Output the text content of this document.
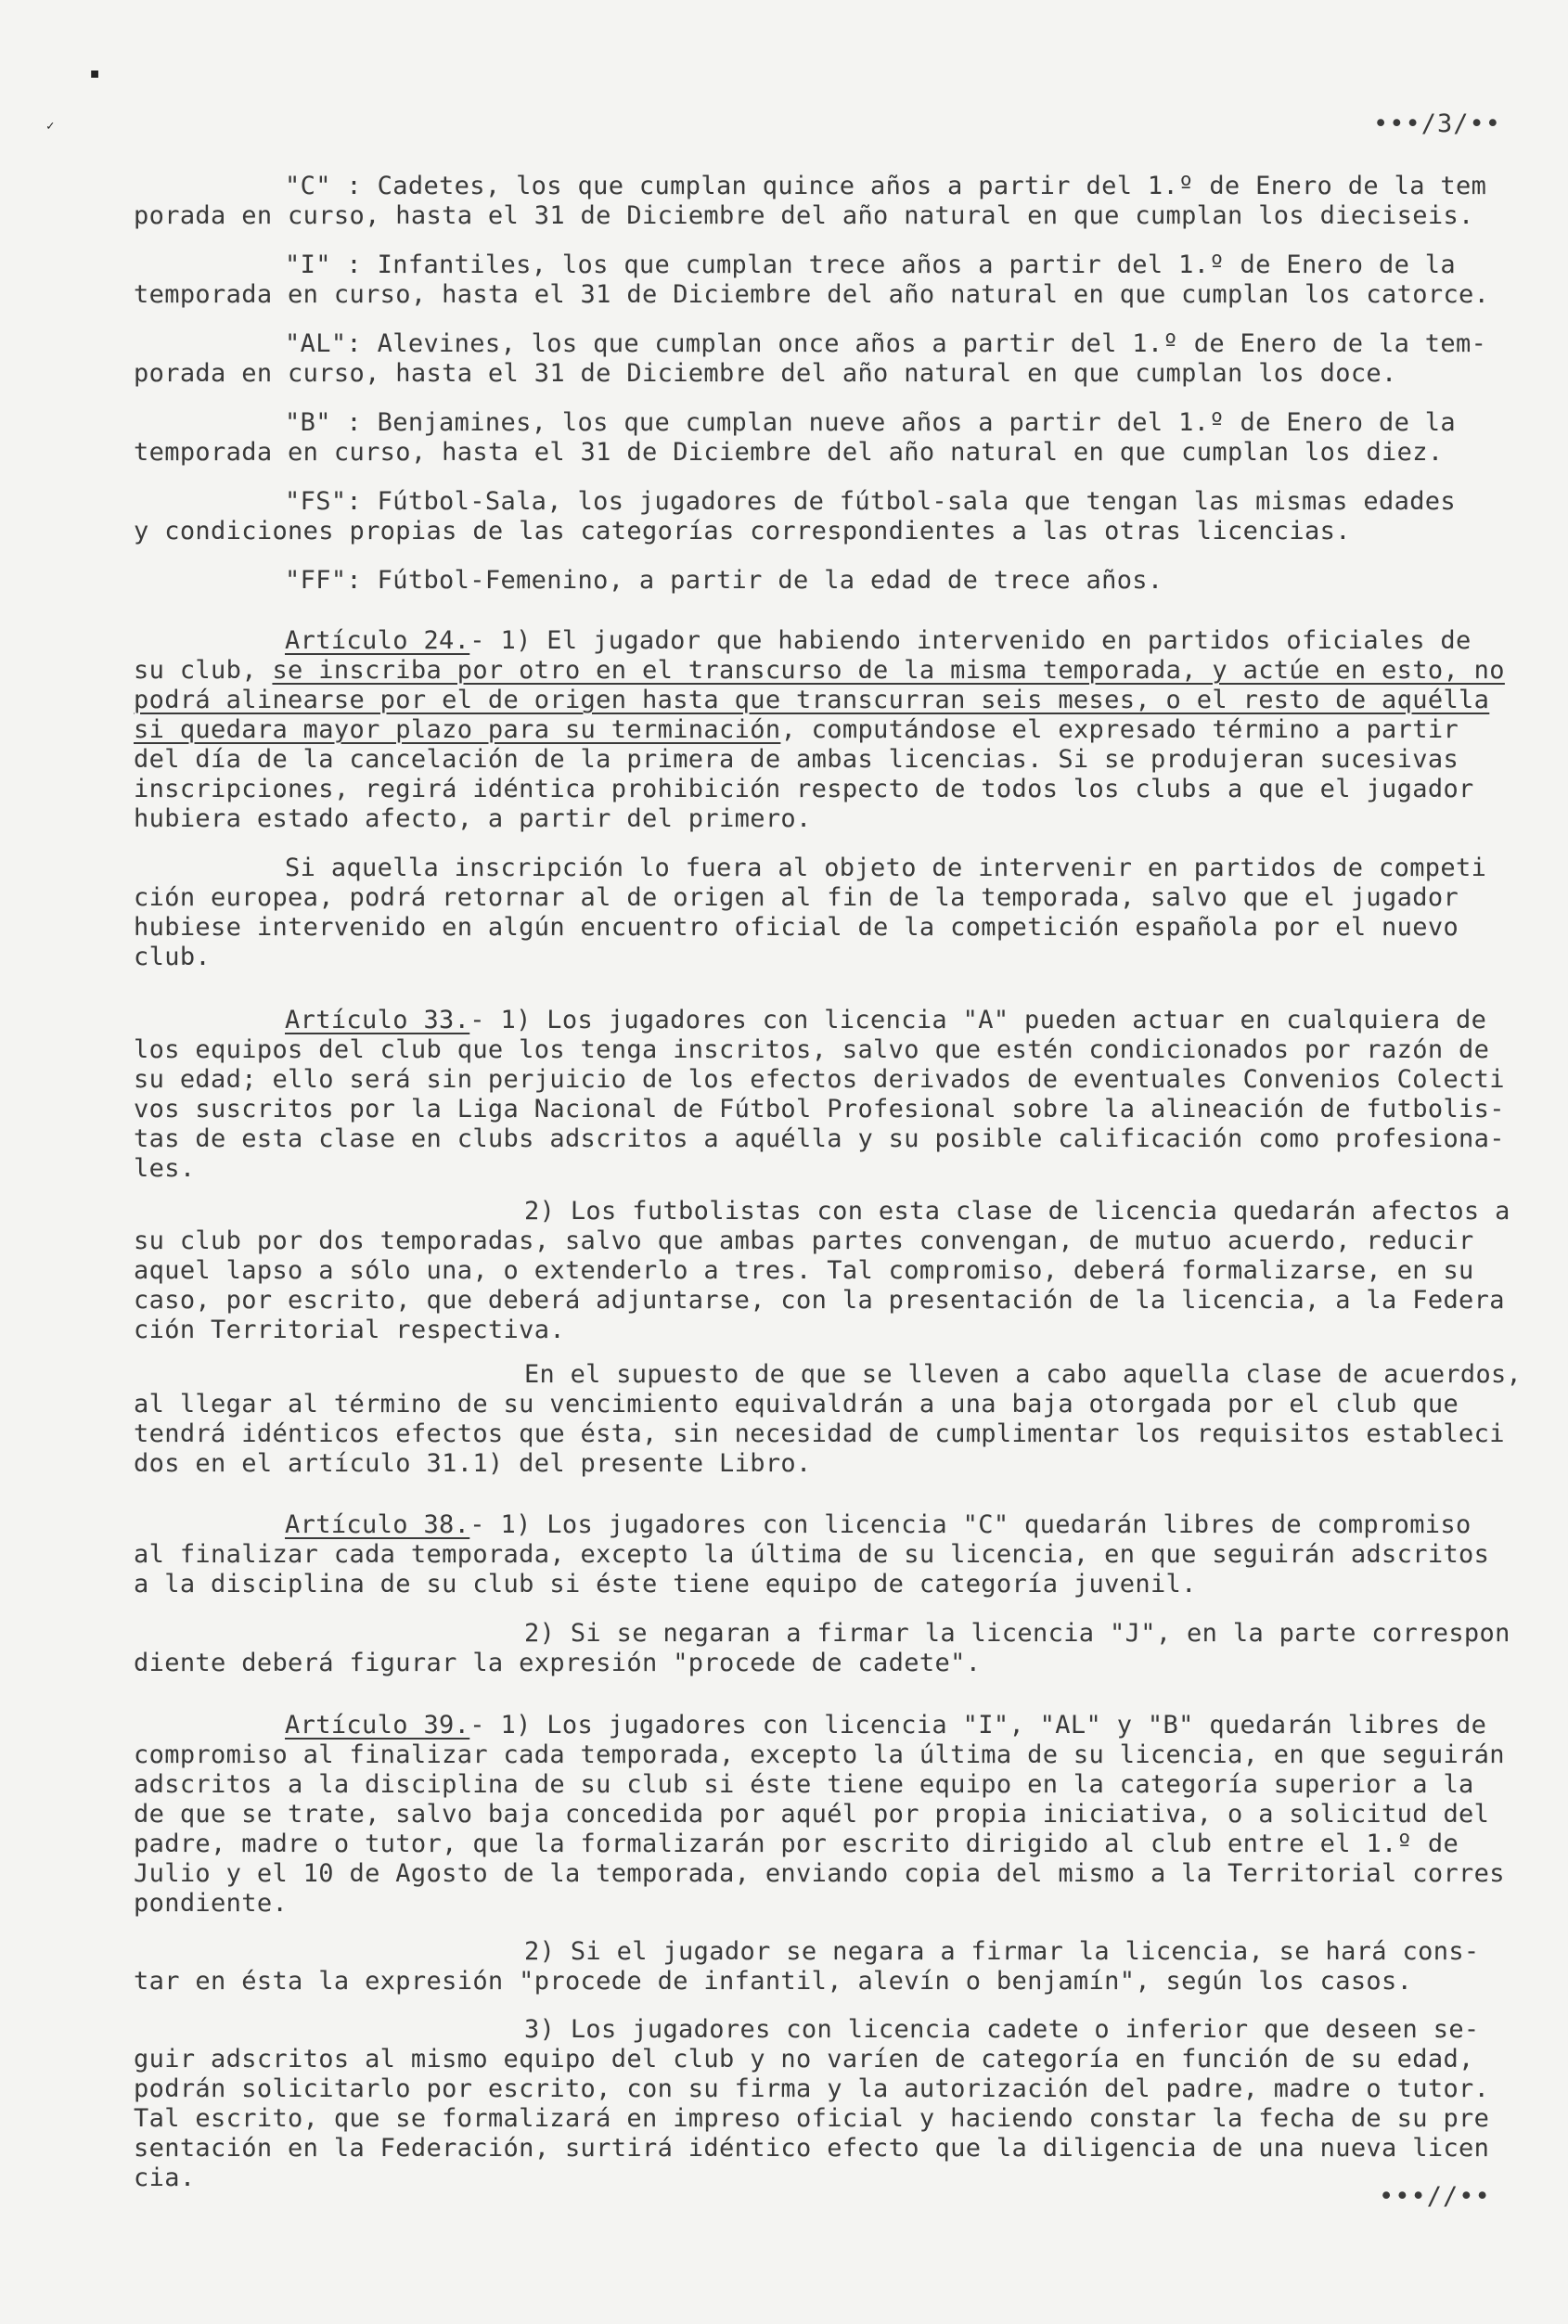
▪
✓	•••/3/••
"C" : Cadetes, los que cumplan quince años a partir del 1.º de Enero de la tem
porada en curso, hasta el 31 de Diciembre del año natural en que cumplan los dieciseis.
"I" : Infantiles, los que cumplan trece años a partir del 1.º de Enero de la
temporada en curso, hasta el 31 de Diciembre del año natural en que cumplan los catorce.
"AL": Alevines, los que cumplan once años a partir del 1.º de Enero de la tem-
porada en curso, hasta el 31 de Diciembre del año natural en que cumplan los doce.
"B" : Benjamines, los que cumplan nueve años a partir del 1.º de Enero de la
temporada en curso, hasta el 31 de Diciembre del año natural en que cumplan los diez.
"FS": Fútbol-Sala, los jugadores de fútbol-sala que tengan las mismas edades
y condiciones propias de las categorías correspondientes a las otras licencias.
"FF": Fútbol-Femenino, a partir de la edad de trece años.
Artículo 24.- 1) El jugador que habiendo intervenido en partidos oficiales de
su club, se inscriba por otro en el transcurso de la misma temporada, y actúe en esto, no
podrá alinearse por el de origen hasta que transcurran seis meses, o el resto de aquélla
si quedara mayor plazo para su terminación, computándose el expresado término a partir
del día de la cancelación de la primera de ambas licencias. Si se produjeran sucesivas
inscripciones, regirá idéntica prohibición respecto de todos los clubs a que el jugador
hubiera estado afecto, a partir del primero.
Si aquella inscripción lo fuera al objeto de intervenir en partidos de competi
ción europea, podrá retornar al de origen al fin de la temporada, salvo que el jugador
hubiese intervenido en algún encuentro oficial de la competición española por el nuevo
club.
Artículo 33.- 1) Los jugadores con licencia "A" pueden actuar en cualquiera de
los equipos del club que los tenga inscritos, salvo que estén condicionados por razón de
su edad; ello será sin perjuicio de los efectos derivados de eventuales Convenios Colecti
vos suscritos por la Liga Nacional de Fútbol Profesional sobre la alineación de futbolis-
tas de esta clase en clubs adscritos a aquélla y su posible calificación como profesiona-
les.
2) Los futbolistas con esta clase de licencia quedarán afectos a
su club por dos temporadas, salvo que ambas partes convengan, de mutuo acuerdo, reducir
aquel lapso a sólo una, o extenderlo a tres. Tal compromiso, deberá formalizarse, en su
caso, por escrito, que deberá adjuntarse, con la presentación de la licencia, a la Federa
ción Territorial respectiva.
En el supuesto de que se lleven a cabo aquella clase de acuerdos,
al llegar al término de su vencimiento equivaldrán a una baja otorgada por el club que
tendrá idénticos efectos que ésta, sin necesidad de cumplimentar los requisitos estableci
dos en el artículo 31.1) del presente Libro.
Artículo 38.- 1) Los jugadores con licencia "C" quedarán libres de compromiso
al finalizar cada temporada, excepto la última de su licencia, en que seguirán adscritos
a la disciplina de su club si éste tiene equipo de categoría juvenil.
2) Si se negaran a firmar la licencia "J", en la parte correspon
diente deberá figurar la expresión "procede de cadete".
Artículo 39.- 1) Los jugadores con licencia "I", "AL" y "B" quedarán libres de
compromiso al finalizar cada temporada, excepto la última de su licencia, en que seguirán
adscritos a la disciplina de su club si éste tiene equipo en la categoría superior a la
de que se trate, salvo baja concedida por aquél por propia iniciativa, o a solicitud del
padre, madre o tutor, que la formalizarán por escrito dirigido al club entre el 1.º de
Julio y el 10 de Agosto de la temporada, enviando copia del mismo a la Territorial corres
pondiente.
2) Si el jugador se negara a firmar la licencia, se hará cons-
tar en ésta la expresión "procede de infantil, alevín o benjamín", según los casos.
3) Los jugadores con licencia cadete o inferior que deseen se-
guir adscritos al mismo equipo del club y no varíen de categoría en función de su edad,
podrán solicitarlo por escrito, con su firma y la autorización del padre, madre o tutor.
Tal escrito, que se formalizará en impreso oficial y haciendo constar la fecha de su pre
sentación en la Federación, surtirá idéntico efecto que la diligencia de una nueva licen
cia.
•••//••
